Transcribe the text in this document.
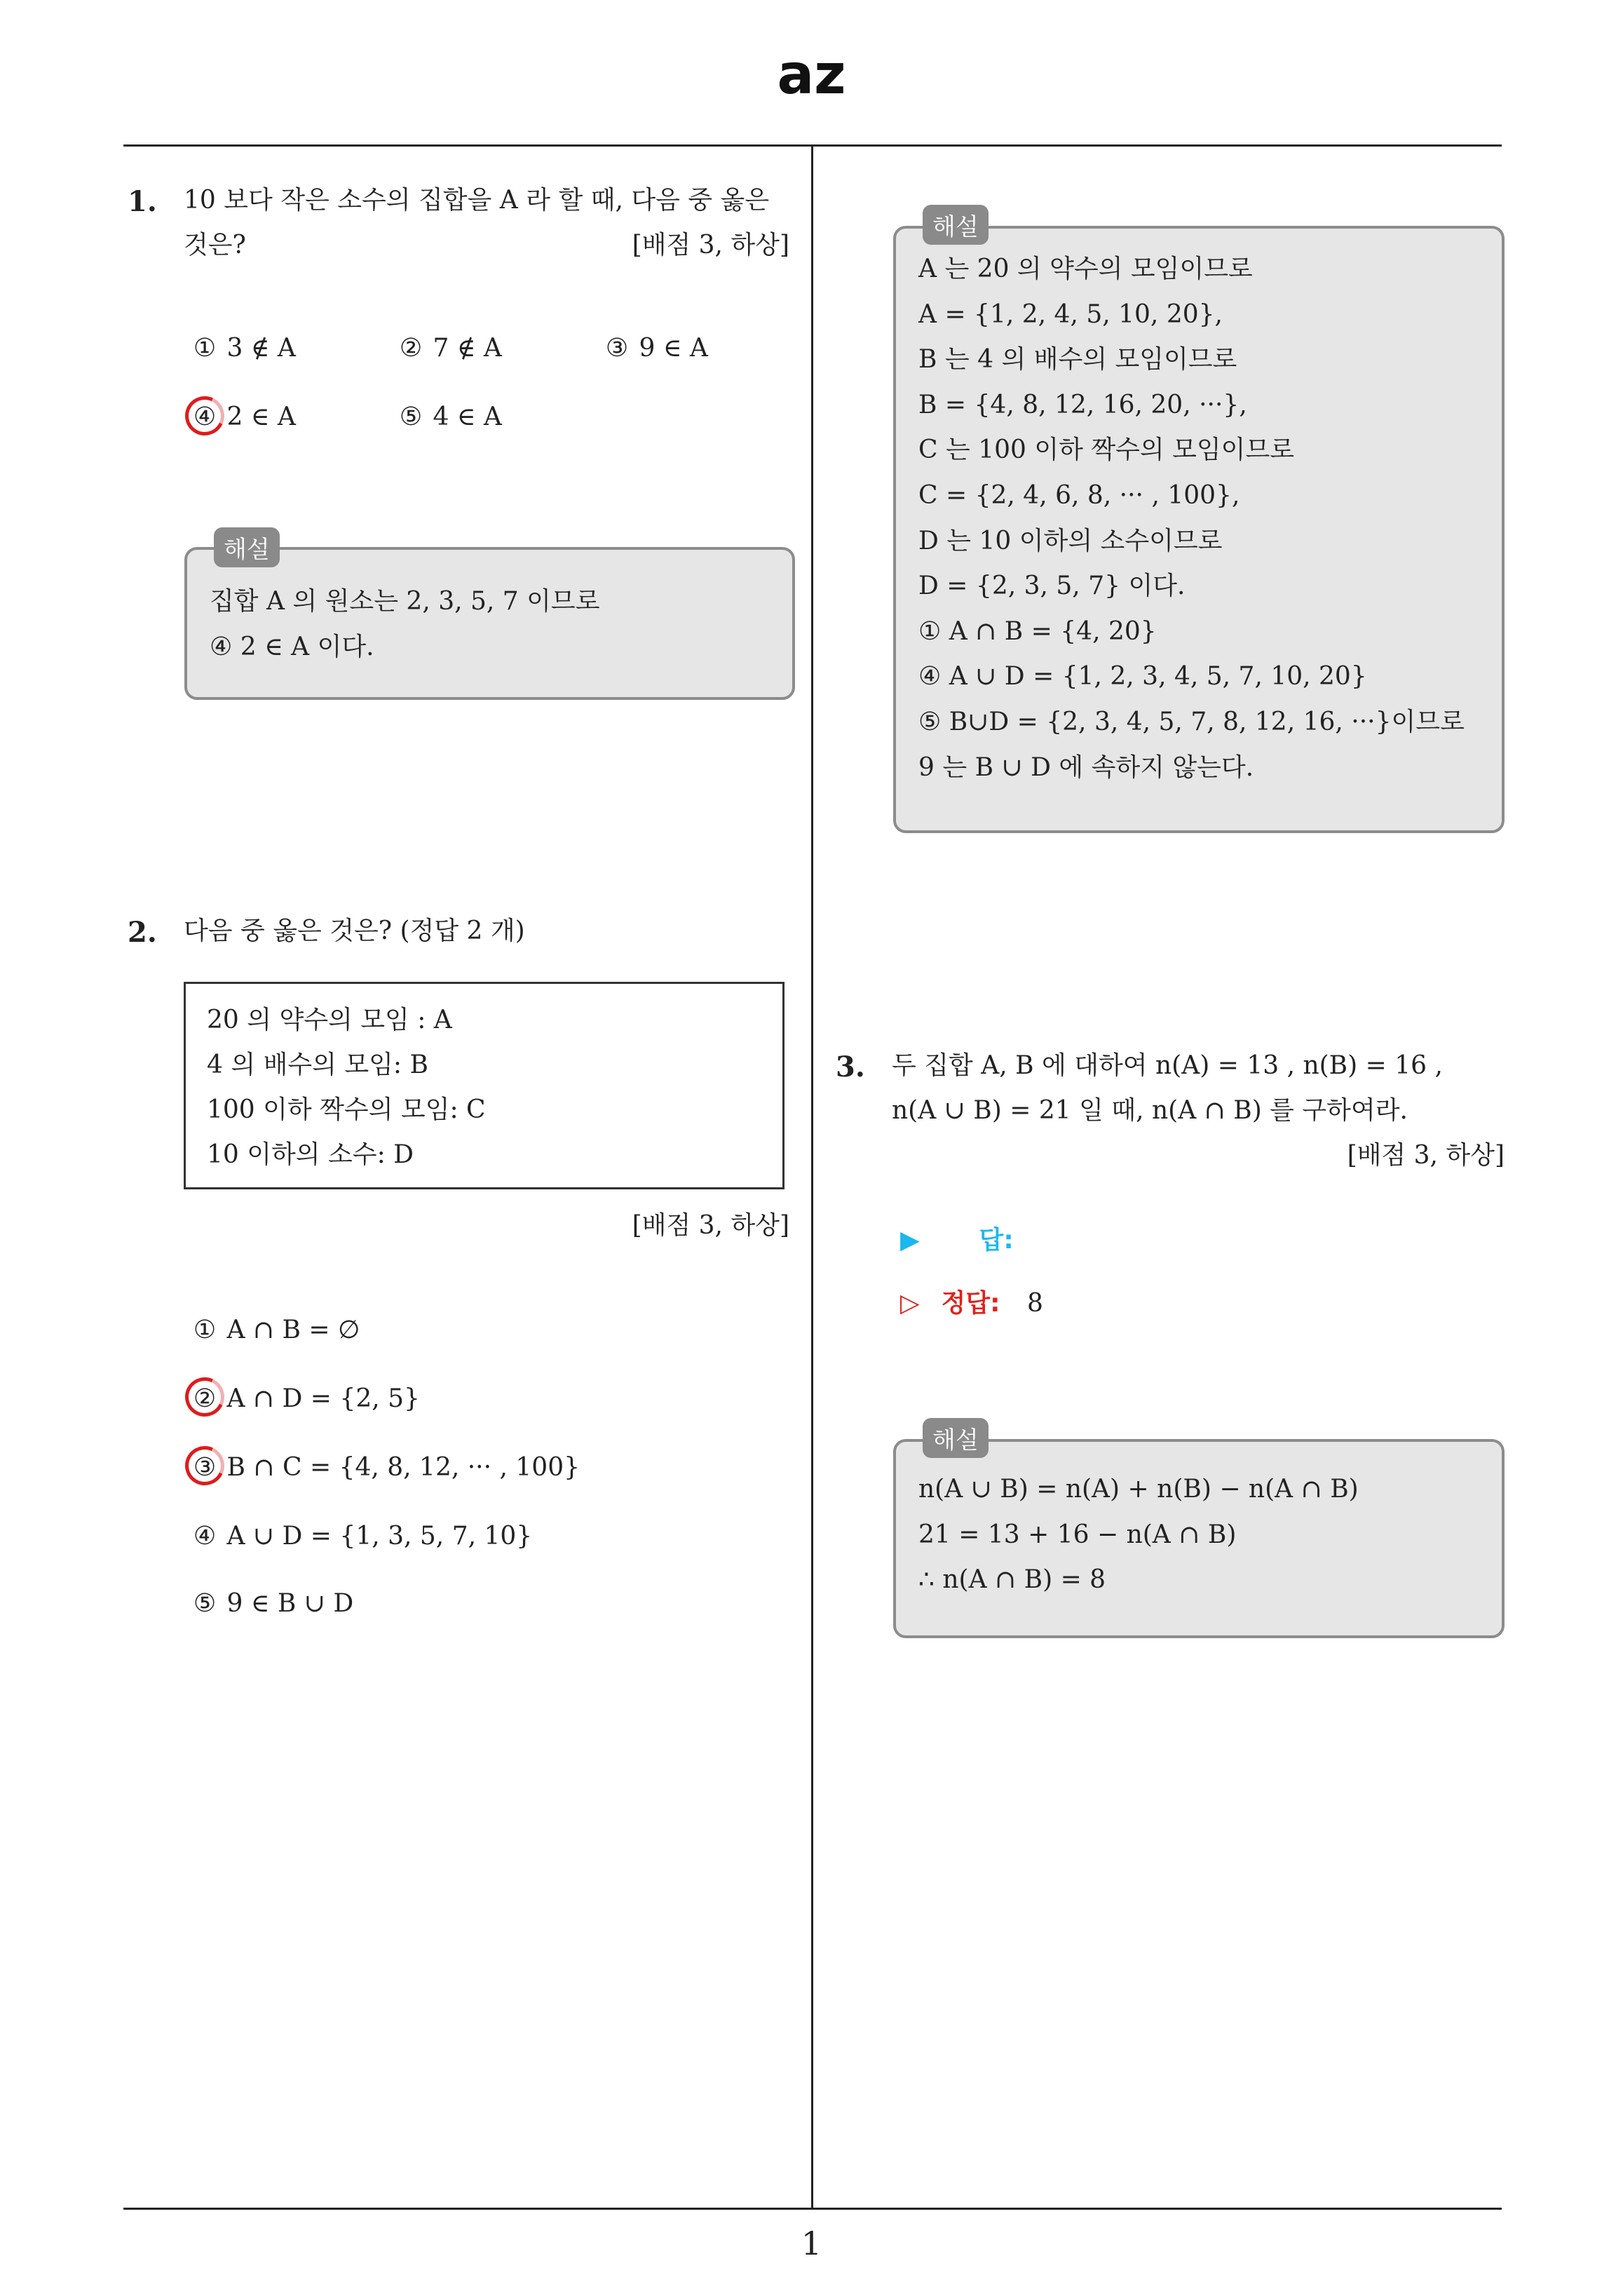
az
1. 10 보다 작은 소수의 집합을 A 라 할 때, 다음 중 옳은
것은?	[배점 3, 하상]
① 3 ∉ A	② 7 ∉ A	③ 9 ∈ A
④ 2 ∈ A	⑤ 4 ∈ A
집합 A 의 원소는 2, 3, 5, 7 이므로
④ 2 ∈ A 이다.
해설
2. 다음 중 옳은 것은? (정답 2 개)
20 의 약수의 모임 : A
4 의 배수의 모임: B
100 이하 짝수의 모임: C
10 이하의 소수: D
[배점 3, 하상]
① A ∩ B = ∅
② A ∩ D = {2, 5}
③ B ∩ C = {4, 8, 12, ··· , 100}
④ A ∪ D = {1, 3, 5, 7, 10}
⑤ 9 ∈ B ∪ D
A 는 20 의 약수의 모임이므로
A = {1, 2, 4, 5, 10, 20},
B 는 4 의 배수의 모임이므로
B = {4, 8, 12, 16, 20, ···},
C 는 100 이하 짝수의 모임이므로
C = {2, 4, 6, 8, ··· , 100},
D 는 10 이하의 소수이므로
D = {2, 3, 5, 7} 이다.
① A ∩ B = {4, 20}
④ A ∪ D = {1, 2, 3, 4, 5, 7, 10, 20}
⑤ B∪D = {2, 3, 4, 5, 7, 8, 12, 16, ···}이므로
9 는 B ∪ D 에 속하지 않는다.
해설
3. 두 집합 A, B 에 대하여 n(A) = 13 , n(B) = 16 ,
n(A ∪ B) = 21 일 때, n(A ∩ B) 를 구하여라.
[배점 3, 하상]
▶ 답:
▷ 정답: 8
n(A ∪ B) = n(A) + n(B) − n(A ∩ B)
21 = 13 + 16 − n(A ∩ B)
∴ n(A ∩ B) = 8
해설
1
